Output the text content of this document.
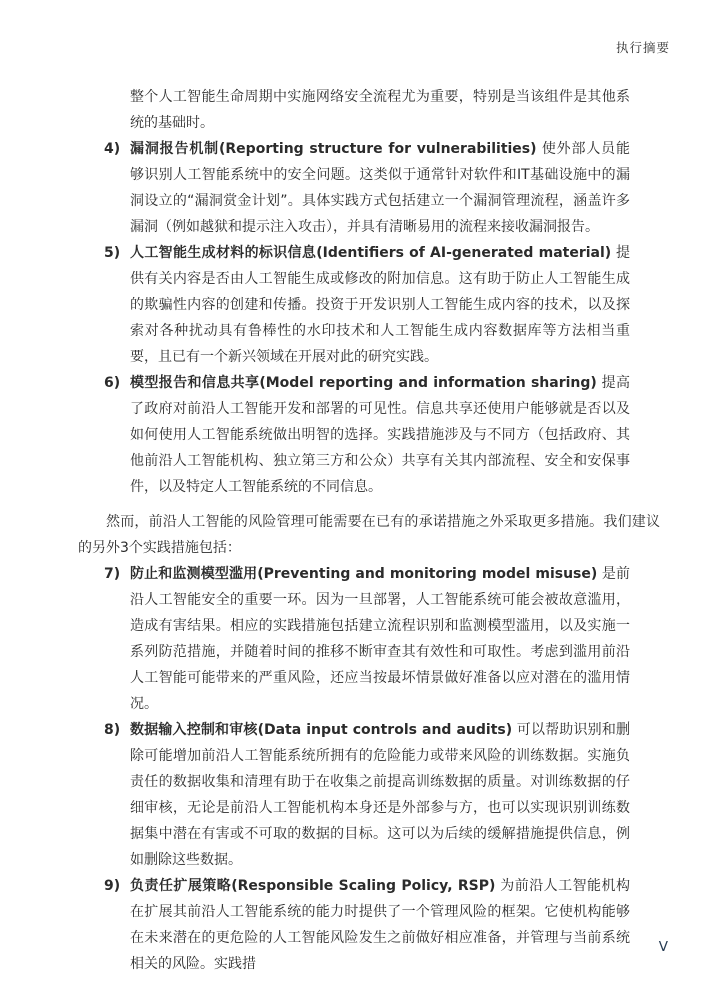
执行摘要

整个人工智能生命周期中实施网络安全流程尤为重要，特别是当该组件是其他系统的基础时。

4) 漏洞报告机制(Reporting structure for vulnerabilities) 使外部人员能够识别人工智能系统中的安全问题。这类似于通常针对软件和IT基础设施中的漏洞设立的“漏洞赏金计划”。具体实践方式包括建立一个漏洞管理流程，涵盖许多漏洞（例如越狱和提示注入攻击），并具有清晰易用的流程来接收漏洞报告。
5) 人工智能生成材料的标识信息(Identifiers of AI-generated material) 提供有关内容是否由人工智能生成或修改的附加信息。这有助于防止人工智能生成的欺骗性内容的创建和传播。投资于开发识别人工智能生成内容的技术，以及探索对各种扰动具有鲁棒性的水印技术和人工智能生成内容数据库等方法相当重要，且已有一个新兴领域在开展对此的研究实践。
6) 模型报告和信息共享(Model reporting and information sharing) 提高了政府对前沿人工智能开发和部署的可见性。信息共享还使用户能够就是否以及如何使用人工智能系统做出明智的选择。实践措施涉及与不同方（包括政府、其他前沿人工智能机构、独立第三方和公众）共享有关其内部流程、安全和安保事件，以及特定人工智能系统的不同信息。

然而，前沿人工智能的风险管理可能需要在已有的承诺措施之外采取更多措施。我们建议的另外3个实践措施包括：

7) 防止和监测模型滥用(Preventing and monitoring model misuse) 是前沿人工智能安全的重要一环。因为一旦部署，人工智能系统可能会被故意滥用，造成有害结果。相应的实践措施包括建立流程识别和监测模型滥用，以及实施一系列防范措施，并随着时间的推移不断审查其有效性和可取性。考虑到滥用前沿人工智能可能带来的严重风险，还应当按最坏情景做好准备以应对潜在的滥用情况。
8) 数据输入控制和审核(Data input controls and audits) 可以帮助识别和删除可能增加前沿人工智能系统所拥有的危险能力或带来风险的训练数据。实施负责任的数据收集和清理有助于在收集之前提高训练数据的质量。对训练数据的仔细审核，无论是前沿人工智能机构本身还是外部参与方，也可以实现识别训练数据集中潜在有害或不可取的数据的目标。这可以为后续的缓解措施提供信息，例如删除这些数据。
9) 负责任扩展策略(Responsible Scaling Policy, RSP) 为前沿人工智能机构在扩展其前沿人工智能系统的能力时提供了一个管理风险的框架。它使机构能够在未来潜在的更危险的人工智能风险发生之前做好相应准备，并管理与当前系统相关的风险。实践措
V
